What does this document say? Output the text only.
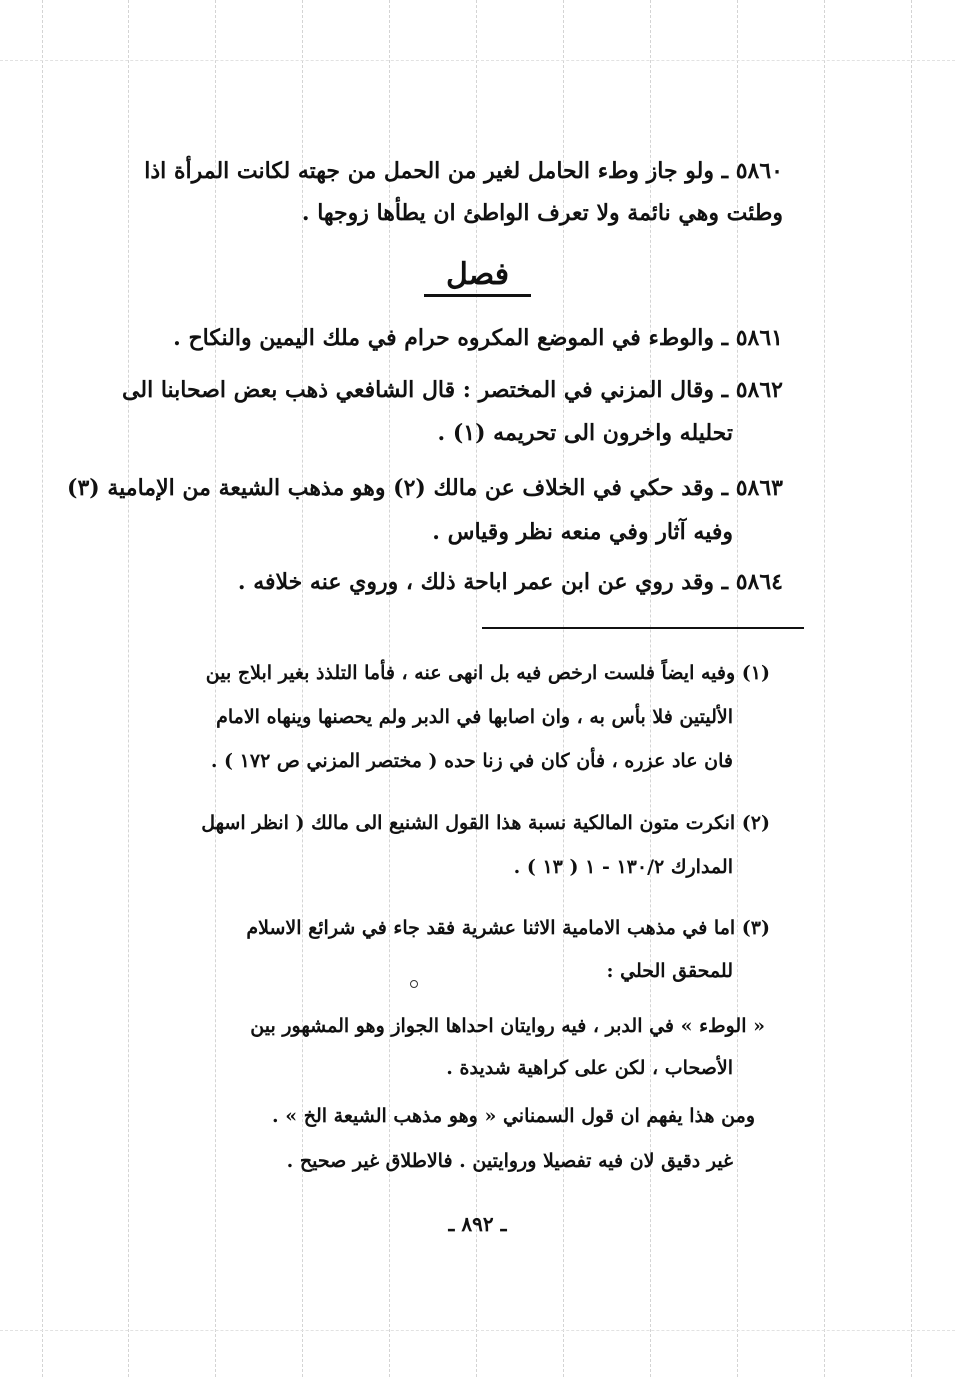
٥٨٦٠ ـ ولو جاز وطء الحامل لغير من الحمل من جهته لكانت المرأة اذا
وطئت وهي نائمة ولا تعرف الواطئ ان يطأها زوجها .
فصل
٥٨٦١ ـ والوطء في الموضع المكروه حرام في ملك اليمين والنكاح .
٥٨٦٢ ـ وقال المزني في المختصر : قال الشافعي ذهب بعض اصحابنا الى
تحليله واخرون الى تحريمه (١) .
٥٨٦٣ ـ وقد حكي في الخلاف عن مالك (٢) وهو مذهب الشيعة من الإمامية (٣)
وفيه آثار وفي منعه نظر وقياس .
٥٨٦٤ ـ وقد روي عن ابن عمر اباحة ذلك ، وروي عنه خلافه .
(١) وفيه ايضاً فلست ارخص فيه بل انهى عنه ، فأما التلذذ بغير ابلاج بين
الأليتين فلا بأس به ، وان اصابها في الدبر ولم يحصنها وينهاه الامام
فان عاد عزره ، فأن كان في زنا حده ( مختصر المزني ص ١٧٢ ) .
(٢) انكرت متون المالكية نسبة هذا القول الشنيع الى مالك ( انظر اسهل
المدارك ١٣٠/٢ - ١ ( ١٣ ) .
(٣) اما في مذهب الامامية الاثنا عشرية فقد جاء في شرائع الاسلام
للمحقق الحلي :
« الوطء » في الدبر ، فيه روايتان احداها الجواز وهو المشهور بين
الأصحاب ، لكن على كراهية شديدة .
ومن هذا يفهم ان قول السمناني « وهو مذهب الشيعة الخ » .
غير دقيق لان فيه تفصيلا وروايتين . فالاطلاق غير صحيح .
ـ ٨٩٢ ـ
